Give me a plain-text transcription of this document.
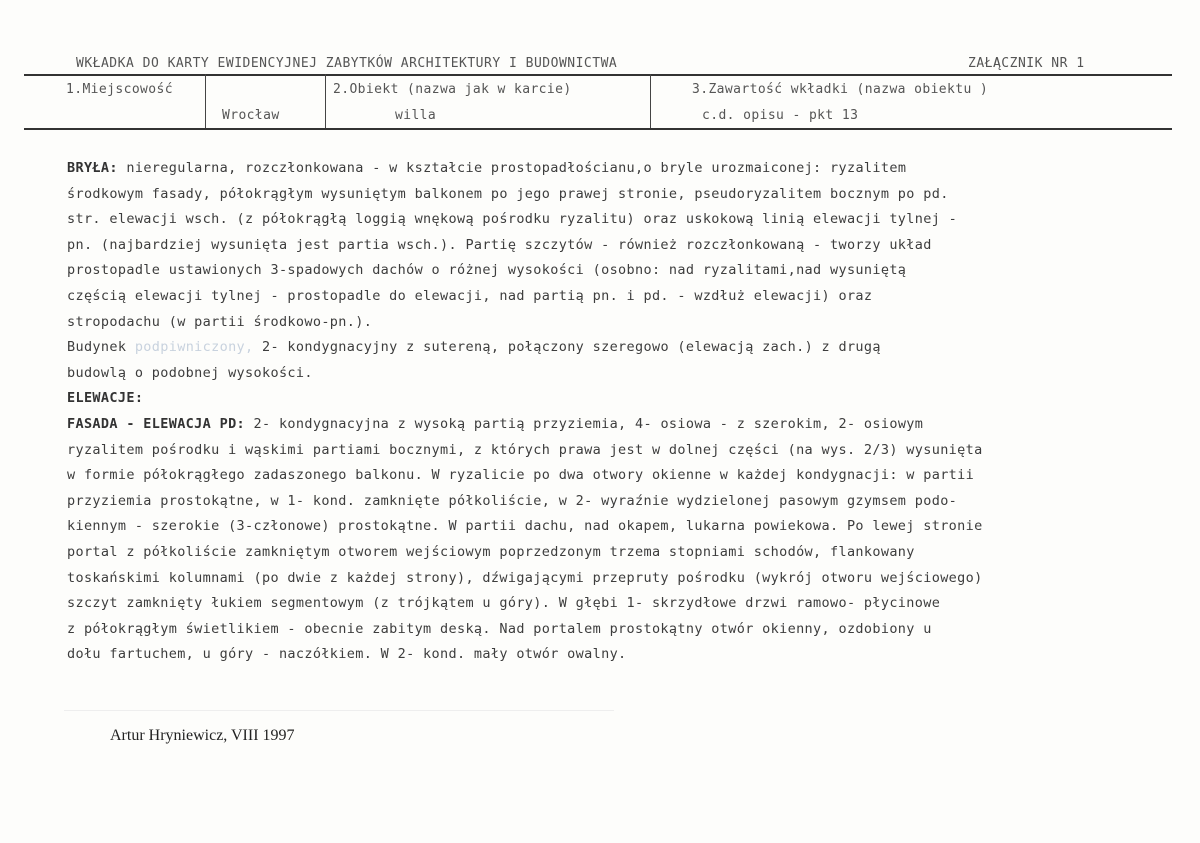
WKŁADKA DO KARTY EWIDENCYJNEJ ZABYTKÓW ARCHITEKTURY I BUDOWNICTWA	ZAŁĄCZNIK NR 1
1.Miejscowość
Wrocław
2.Obiekt (nazwa jak w karcie)
willa
3.Zawartość wkładki (nazwa obiektu )
c.d. opisu - pkt 13

BRYŁA: nieregularna, rozczłonkowana - w kształcie prostopadłościanu,o bryle urozmaiconej: ryzalitem

środkowym fasady, półokrągłym wysuniętym balkonem po jego prawej stronie, pseudoryzalitem bocznym po pd.

str. elewacji wsch. (z półokrągłą loggią wnękową pośrodku ryzalitu) oraz uskokową linią elewacji tylnej -

pn. (najbardziej wysunięta jest partia wsch.). Partię szczytów - również rozczłonkowaną - tworzy układ

prostopadle ustawionych 3-spadowych dachów o różnej wysokości (osobno: nad ryzalitami,nad wysuniętą

częścią elewacji tylnej - prostopadle do elewacji, nad partią pn. i pd. - wzdłuż elewacji) oraz

stropodachu (w partii środkowo-pn.).

Budynek podpiwniczony, 2- kondygnacyjny z sutereną, połączony szeregowo (elewacją zach.) z drugą

budowlą o podobnej wysokości.

ELEWACJE:

FASADA - ELEWACJA PD: 2- kondygnacyjna z wysoką partią przyziemia, 4- osiowa - z szerokim, 2- osiowym

ryzalitem pośrodku i wąskimi partiami bocznymi, z których prawa jest w dolnej części (na wys. 2/3) wysunięta

w formie półokrągłego zadaszonego balkonu. W ryzalicie po dwa otwory okienne w każdej kondygnacji: w partii

przyziemia prostokątne, w 1- kond. zamknięte półkoliście, w 2- wyraźnie wydzielonej pasowym gzymsem podo-

kiennym - szerokie (3-członowe) prostokątne. W partii dachu, nad okapem, lukarna powiekowa. Po lewej stronie

portal z półkoliście zamkniętym otworem wejściowym poprzedzonym trzema stopniami schodów, flankowany

toskańskimi kolumnami (po dwie z każdej strony), dźwigającymi przepruty pośrodku (wykrój otworu wejściowego)

szczyt zamknięty łukiem segmentowym (z trójkątem u góry). W głębi 1- skrzydłowe drzwi ramowo- płycinowe

z półokrągłym świetlikiem - obecnie zabitym deską. Nad portalem prostokątny otwór okienny, ozdobiony u

dołu fartuchem, u góry - naczółkiem. W 2- kond. mały otwór owalny.

Artur Hryniewicz, VIII 1997
